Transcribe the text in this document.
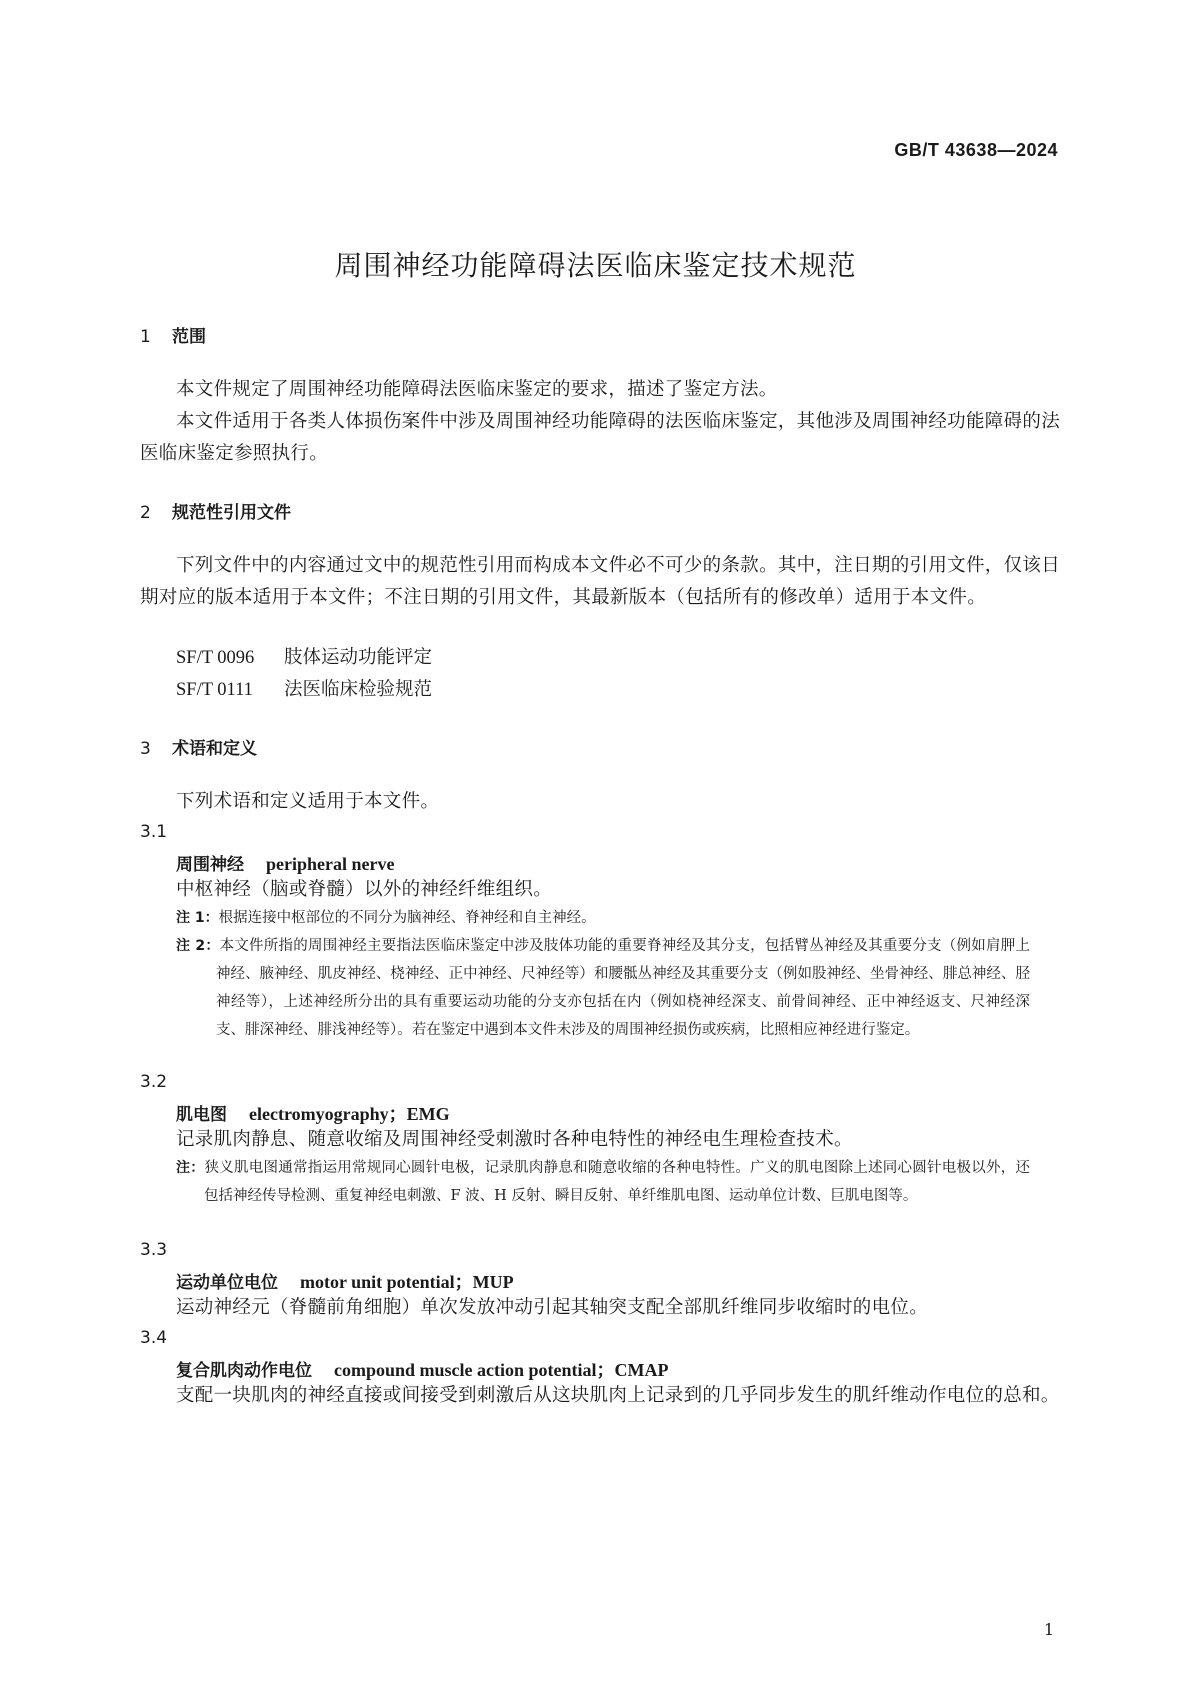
GB/T 43638—2024
周围神经功能障碍法医临床鉴定技术规范
1 范围
本文件规定了周围神经功能障碍法医临床鉴定的要求，描述了鉴定方法。
本文件适用于各类人体损伤案件中涉及周围神经功能障碍的法医临床鉴定，其他涉及周围神经功能障碍的法医临床鉴定参照执行。
2 规范性引用文件
下列文件中的内容通过文中的规范性引用而构成本文件必不可少的条款。其中，注日期的引用文件，仅该日期对应的版本适用于本文件；不注日期的引用文件，其最新版本（包括所有的修改单）适用于本文件。
SF/T 0096 肢体运动功能评定
SF/T 0111 法医临床检验规范
3 术语和定义
下列术语和定义适用于本文件。
3.1
周围神经 peripheral nerve
中枢神经（脑或脊髓）以外的神经纤维组织。
注 1：根据连接中枢部位的不同分为脑神经、脊神经和自主神经。
注 2：本文件所指的周围神经主要指法医临床鉴定中涉及肢体功能的重要脊神经及其分支，包括臂丛神经及其重要分支（例如肩胛上神经、腋神经、肌皮神经、桡神经、正中神经、尺神经等）和腰骶丛神经及其重要分支（例如股神经、坐骨神经、腓总神经、胫神经等），上述神经所分出的具有重要运动功能的分支亦包括在内（例如桡神经深支、前骨间神经、正中神经返支、尺神经深支、腓深神经、腓浅神经等）。若在鉴定中遇到本文件未涉及的周围神经损伤或疾病，比照相应神经进行鉴定。
3.2
肌电图 electromyography；EMG
记录肌肉静息、随意收缩及周围神经受刺激时各种电特性的神经电生理检查技术。
注：狭义肌电图通常指运用常规同心圆针电极，记录肌肉静息和随意收缩的各种电特性。广义的肌电图除上述同心圆针电极以外，还包括神经传导检测、重复神经电刺激、F 波、H 反射、瞬目反射、单纤维肌电图、运动单位计数、巨肌电图等。
3.3
运动单位电位 motor unit potential；MUP
运动神经元（脊髓前角细胞）单次发放冲动引起其轴突支配全部肌纤维同步收缩时的电位。
3.4
复合肌肉动作电位 compound muscle action potential；CMAP
支配一块肌肉的神经直接或间接受到刺激后从这块肌肉上记录到的几乎同步发生的肌纤维动作电位的总和。
1
